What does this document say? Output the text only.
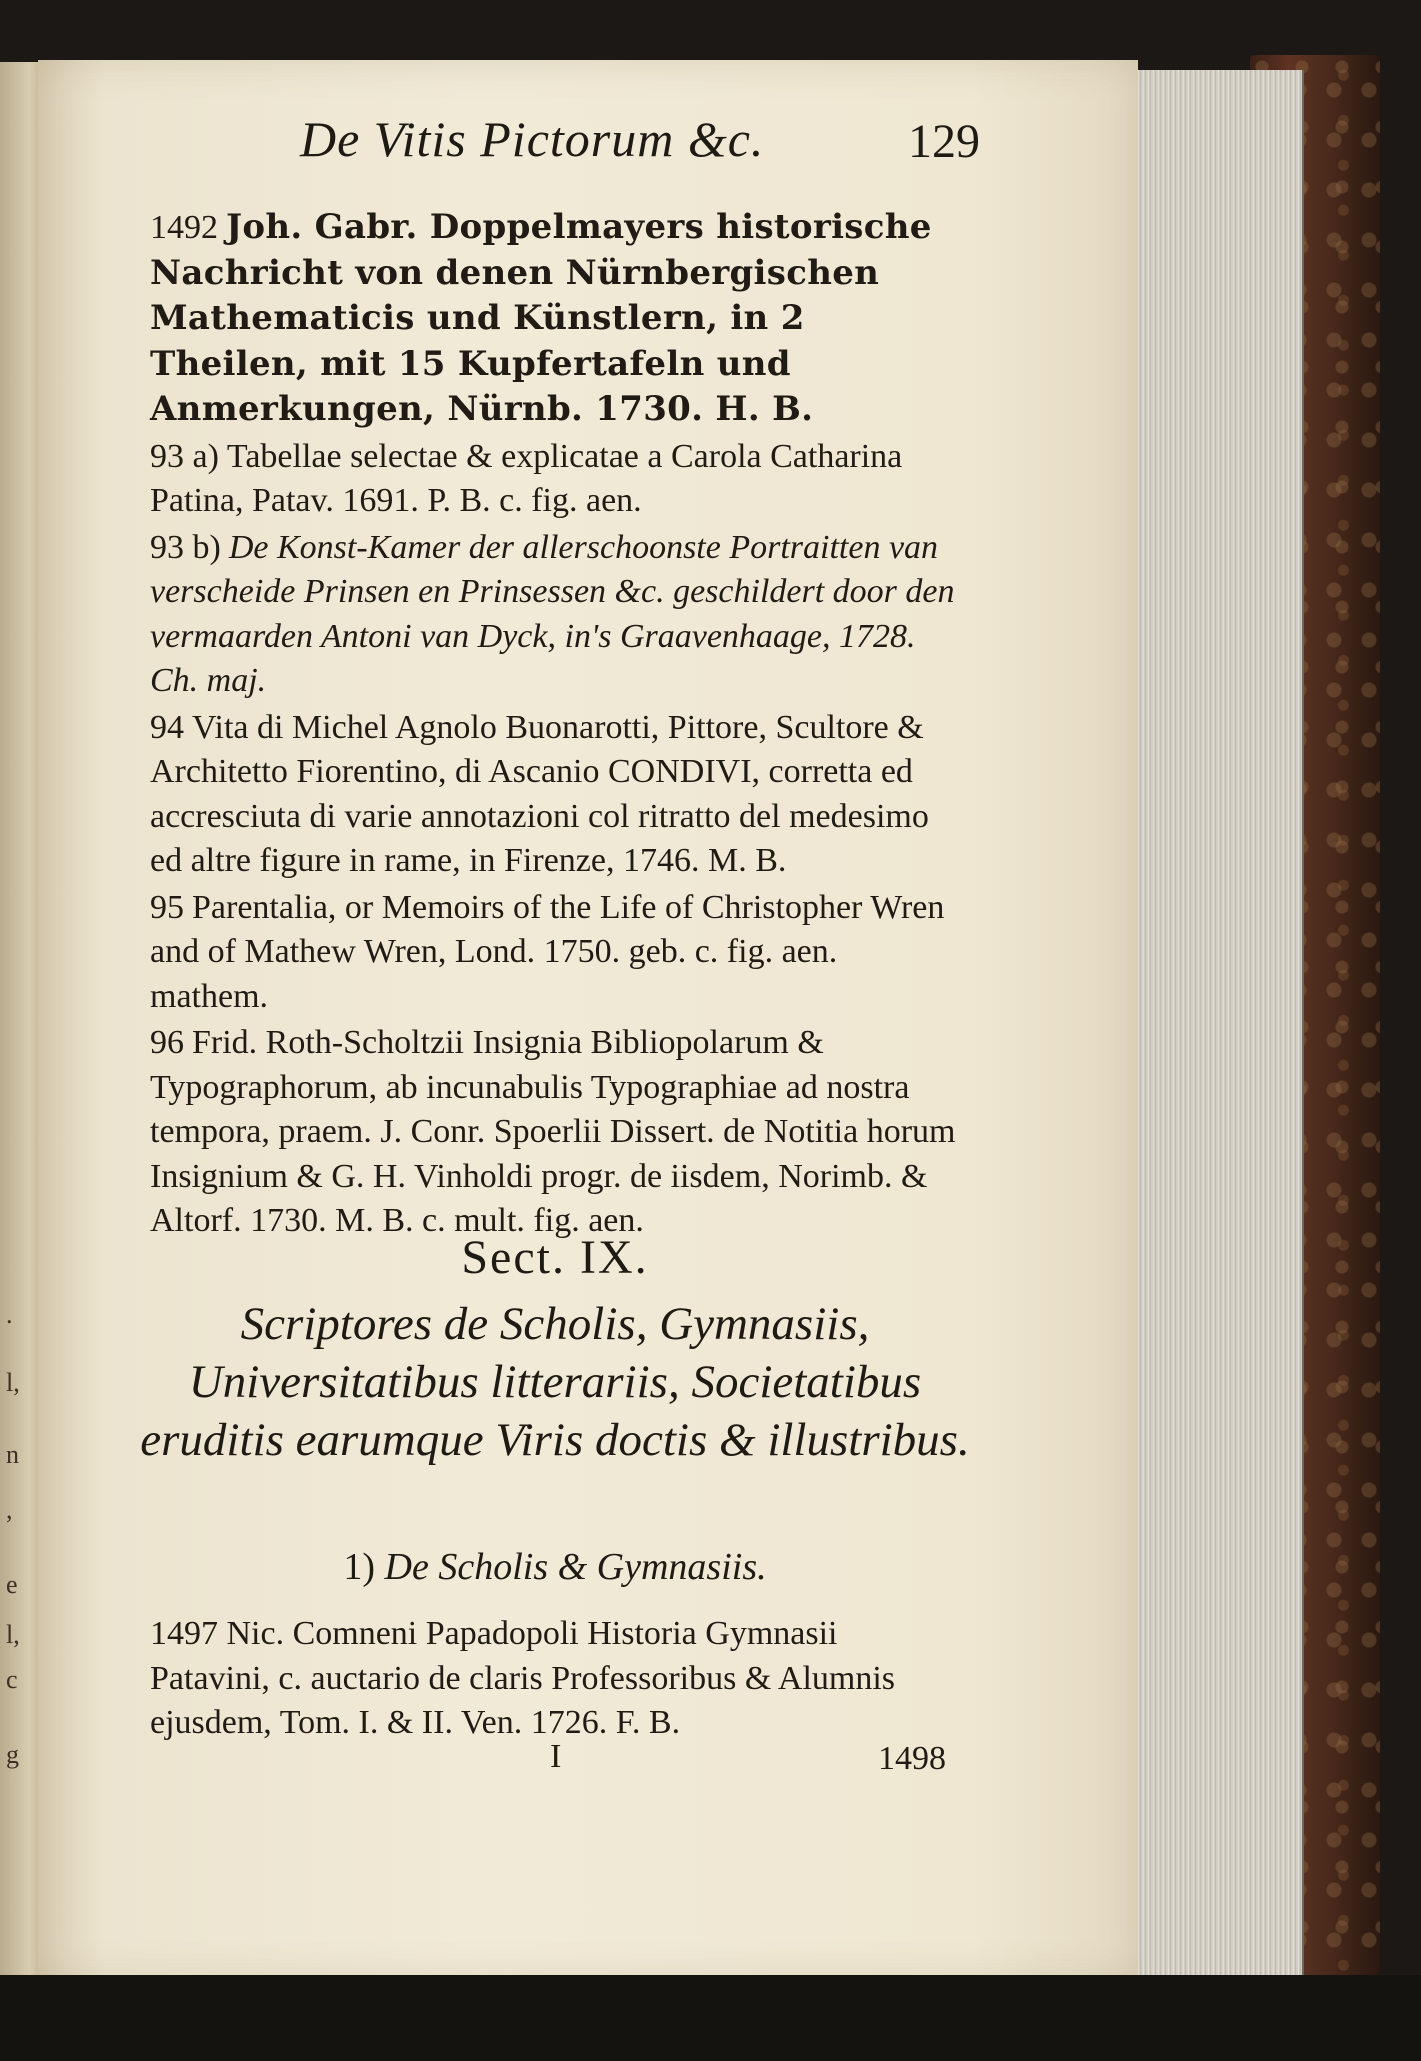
.
l,
n
,
e
l,
c
g
De Vitis Pictorum &c.	129
1492 Joh. Gabr. Doppelmayers historische Nachricht von denen Nürnbergischen Mathematicis und Künstlern, in 2 Theilen, mit 15 Kupfertafeln und Anmerkungen, Nürnb. 1730. H. B.
93 a) Tabellae selectae & explicatae a Carola Catharina Patina, Patav. 1691. P. B. c. fig. aen.
93 b) De Konst-Kamer der allerschoonste Portraitten van verscheide Prinsen en Prinsessen &c. geschildert door den vermaarden Antoni van Dyck, in's Graavenhaage, 1728. Ch. maj.
94 Vita di Michel Agnolo Buonarotti, Pittore, Scultore & Architetto Fiorentino, di Ascanio CONDIVI, corretta ed accresciuta di varie annotazioni col ritratto del medesimo ed altre figure in rame, in Firenze, 1746. M. B.
95 Parentalia, or Memoirs of the Life of Christopher Wren and of Mathew Wren, Lond. 1750. geb. c. fig. aen. mathem.
96 Frid. Roth-Scholtzii Insignia Bibliopolarum & Typographorum, ab incunabulis Typographiae ad nostra tempora, praem. J. Conr. Spoerlii Dissert. de Notitia horum Insignium & G. H. Vinholdi progr. de iisdem, Norimb. & Altorf. 1730. M. B. c. mult. fig. aen.
Sect. IX.
Scriptores de Scholis, Gymnasiis, Universitatibus litterariis, Societatibus eruditis earumque Viris doctis & illustribus.
1) De Scholis & Gymnasiis.
1497 Nic. Comneni Papadopoli Historia Gymnasii Patavini, c. auctario de claris Professoribus & Alumnis ejusdem, Tom. I. & II. Ven. 1726. F. B.
I	1498
